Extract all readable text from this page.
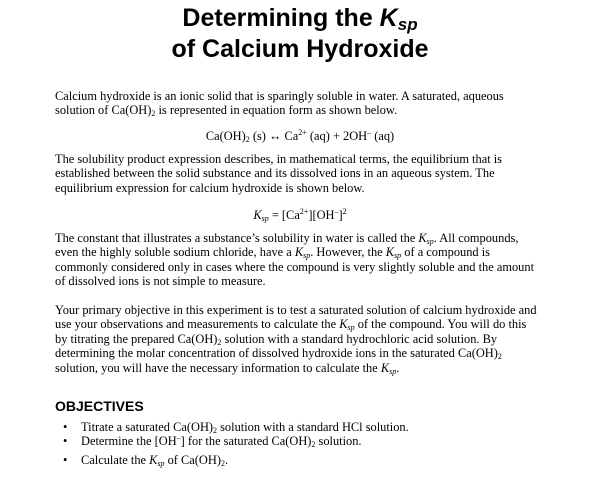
Determining the $K_{sp}$
of Calcium Hydroxide

Calcium hydroxide is an ionic solid that is sparingly soluble in water. A saturated, aqueous
solution of $Ca(OH)_2$ is represented in equation form as shown below.

$Ca(OH)_2$ (s) ↔ $Ca^{2+}$ (aq) + 2OH– (aq)

The solubility product expression describes, in mathematical terms, the equilibrium that is
established between the solid substance and its dissolved ions in an aqueous system. The
equilibrium expression for calcium hydroxide is shown below.

$K_{sp} = [Ca^{2+}][OH^-]^2$

The constant that illustrates a substance’s solubility in water is called the $K_{sp}$. All compounds,
even the highly soluble sodium chloride, have a $K_{sp}$. However, the $K_{sp}$ of a compound is
commonly considered only in cases where the compound is very slightly soluble and the amount
of dissolved ions is not simple to measure.

Your primary objective in this experiment is to test a saturated solution of calcium hydroxide and
use your observations and measurements to calculate the $K_{sp}$ of the compound. You will do this
by titrating the prepared $Ca(OH)_2$ solution with a standard hydrochloric acid solution. By
determining the molar concentration of dissolved hydroxide ions in the saturated $Ca(OH)_2$
solution, you will have the necessary information to calculate the $K_{sp}$.

OBJECTIVES
• Titrate a saturated $Ca(OH)_2$ solution with a standard HCl solution.
• Determine the [OH–] for the saturated $Ca(OH)_2$ solution.
• Calculate the $K_{sp}$ of $Ca(OH)_2$.
